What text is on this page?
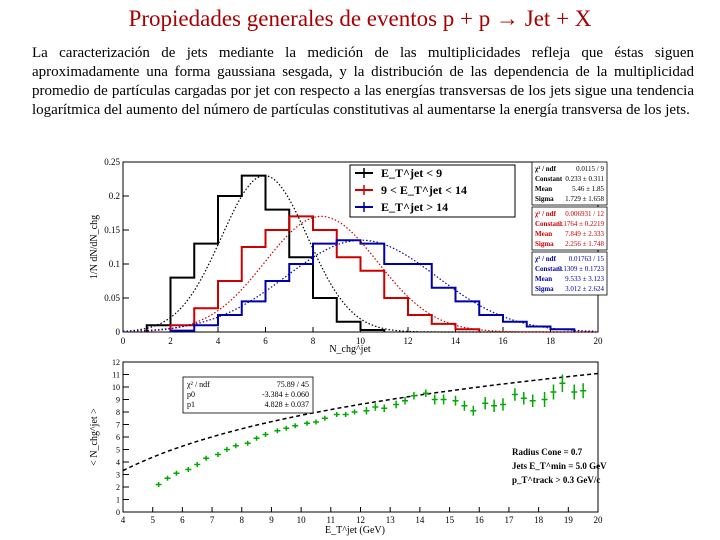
Propiedades generales de eventos p + p → Jet + X

La caracterización de jets mediante la medición de las multiplicidades refleja que éstas siguen aproximadamente una forma gaussiana sesgada, y la distribución de las dependencia de la multiplicidad promedio de partículas cargadas por jet con respecto a las energías transversas de los jets sigue una tendencia logarítmica del aumento del número de partículas constitutivas al aumentarse la energía transversa de los jets.

0	2	4	6	8	10	12	14	16	18	20
0
0.05
0.1
0.15
0.2
0.25
E_T^jet < 9
9 < E_T^jet < 14
E_T^jet > 14
χ² / ndf	0.0115 / 9
Constant 0.233 ± 0.311
Mean	5.46 ± 1.85
Sigma 1.729 ± 1.658
χ² / ndf 0.006931 / 12
Constant
0.1764 ± 0.2219
Mean 7.849 ± 2.333
Sigma 2.256 ± 1.748
χ² / ndf 0.01763 / 15
Constant
0.1309 ± 0.1723
Mean 9.533 ± 3.123
Sigma 3.012 ± 2.624
N_chg^jet
1/N dN/dN_chg
4	5	6	7	8	9	10 11 12 13 14 15 16 17 18 19 20
0
1
2
3
4
5
6
7
8
9
10
11
12
χ² / ndf	75.89 / 45
p0	-3.384 ± 0.060
p1	4.828 ± 0.037
Radius Cone = 0.7
Jets E_T^min = 5.0 GeV
p_T^track > 0.3 GeV/c
E_T^jet (GeV)
< N_chg^jet >
